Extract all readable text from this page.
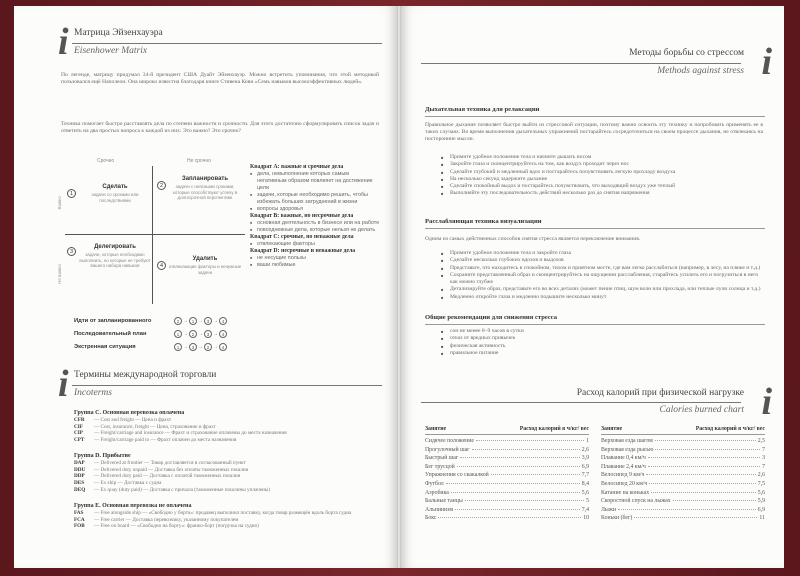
i Матрица Эйзенхауэра
Eisenhower Matrix
По легенде, матрицу придумал 34-й президент США Дуайт Эйзенхауэр. Можно встретить упоминания, что этой методикой пользовался ещё Наполеон. Она широко известна благодаря книге Стивена Кови «Семь навыков высокоэффективных людей».
Техника помогает быстро расставлять дела по степени важности и срочности. Для этого достаточно сформулировать список задач и ответить на два простых вопроса к каждой из них: Это важно? Это срочно?
Срочно	Не срочно
Важно
Не важно
1
Сделать
задачи со сроками или последствиями
2
Запланировать
задачи с неясными сроками, которые способствуют успеху в долгосрочной перспективе
3
Делегировать
задачи, которые необходимо выполнить, но которые не требуют вашего набора навыков	4
Удалить
отвлекающие факторы и ненужные задачи
Квадрат A: важные и срочные дела
■ дела, невыполнение которых самым негативным образом повлияет на достижение цели
■ задачи, которые необходимо решить, чтобы избежать больших затруднений в жизни
■ вопросы здоровья
Квадрат B: важные, но несрочные дела
■ основная деятельность в бизнесе или на работе
■ повседневные дела, которые нельзя не делать
Квадрат C: срочные, но неважные дела
■ отвлекающие факторы
Квадрат D: несрочные и неважные дела
■ не несущие пользы
■ ваши любимые
Идти от запланированного	2 → 1 → 3 → 4
Последовательный план	1 → 2 → 3 → 4
Экстренная ситуация	1 → 3 → 2 → 4
i Термины международной торговли
Incoterms
Группа C. Основная перевозка оплачена
CFR — Cost and freight — Цена и фрахт
CIF — Cost, insurance, freight — Цена, страхование и фрахт
CIP — Freight/carriage and insurance — Фрахт и страхование оплачены до места назначения
CPT — Freight/carriage paid to — Фрахт оплачен до места назначения
Группа D. Прибытие
DAP — Delivered at frontier — Товар доставляется в согласованный пункт
DDU — Delivered duty unpaid — Доставка без оплаты таможенных пошлин
DDP — Delivered duty paid — Доставка с оплатой таможенных пошлин
DES — Ex ship — Доставка с судна
DEQ — Ex quay (duty paid) — Доставка с причала (таможенные пошлины уплачены)
Группа E. Основная перевозка не оплачена
FAS — Free alongside ship — «Свободно у борта»: продавец выполнил поставку, когда товар размещён вдоль борта судна
FCA — Free carrier — Доставка перевозчику, указанному покупателем
FOB — Free on board — «Свободно на борту»: франко-борт (погрузка на судно)
Методы борьбы со стрессом
Methods against stress i
Дыхательная техника для релаксации
Правильное дыхание позволяет быстро выйти из стрессовой ситуации, поэтому важно освоить эту технику и попробовать применять ее в таких случаях. Во время выполнения дыхательных упражнений постарайтесь сосредоточиться на своем процессе дыхания, не отвлекаясь на посторонние мысли.
■ Примите удобное положение тела и начните дышать носом
■ Закройте глаза и сконцентрируйтесь на том, как воздух проходит через нос
■ Сделайте глубокий и медленный вдох и постарайтесь почувствовать легкую прохладу воздуха
■ На несколько секунд задержите дыхание
■ Сделайте спокойный выдох и постарайтесь почувствовать, что выходящий воздух уже теплый
■ Выполняйте эту последовательность действий несколько раз до снятия напряжения
Расслабляющая техника визуализации
Одним из самых действенных способов снятия стресса является переключение внимания.
■ Примите удобное положение тела и закройте глаза
■ Сделайте несколько глубоких вдохов и выдохов
■ Представьте, что находитесь в спокойном, тихом и приятном месте, где вам легко расслабиться (например, в лесу, на пляже и т.д.)
■ Сохраните представленный образ и сконцентрируйтесь на ощущении расслабления, старайтесь усилить его и погрузиться в него как можно глубже
■ Детализируйте образ, представьте его во всех деталях (может пение птиц, шум волн или прохлада, или теплые лучи солнца и т.д.)
■ Медленно откройте глаза и медленно подышите несколько минут
Общие рекомендации для снижения стресса
■ сон не менее 8–9 часов в сутки
■ отказ от вредных привычек
■ физическая активность
■ правильное питание
Расход калорий при физической нагрузке
Calories burned chart i
Занятие	Расход калорий в ч/кг/ вес
Сидячее положение	1
Прогулочный шаг	2,6
Быстрый шаг	3,9
Бег трусцой	6,9
Упражнения со скакалкой	7,7
Футбол	8,4
Аэробика	5,6
Бальные танцы	5
Альпинизм	7,4
Бокс	10
Занятие	Расход калорий в ч/кг/ вес
Верховая езда шагом	2,5
Верховая езда рысью	7
Плавание 0,4 км/ч	3
Плавание 2,4 км/ч	7
Велосипед 9 км/ч	2,6
Велосипед 20 км/ч	7,5
Катание на коньках	5,6
Скоростной спуск на лыжах	5,9
Лыжи	6,9
Коньки (бег)	11
